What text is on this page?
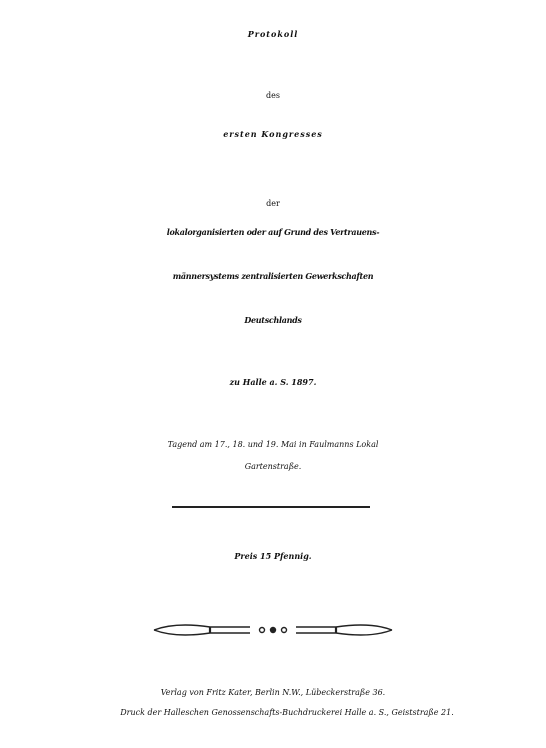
Protokoll
des
ersten Kongresses
der
lokalorganisierten oder auf Grund des Vertrauens-
männersystems zentralisierten Gewerkschaften
Deutschlands
zu Halle a. S. 1897.
Tagend am 17., 18. und 19. Mai in Faulmanns Lokal
Gartenstraße.
Preis 15 Pfennig.
Verlag von Fritz Kater, Berlin N.W., Lübeckerstraße 36.
Druck der Halleschen Genossenschafts-Buchdruckerei Halle a. S., Geiststraße 21.
